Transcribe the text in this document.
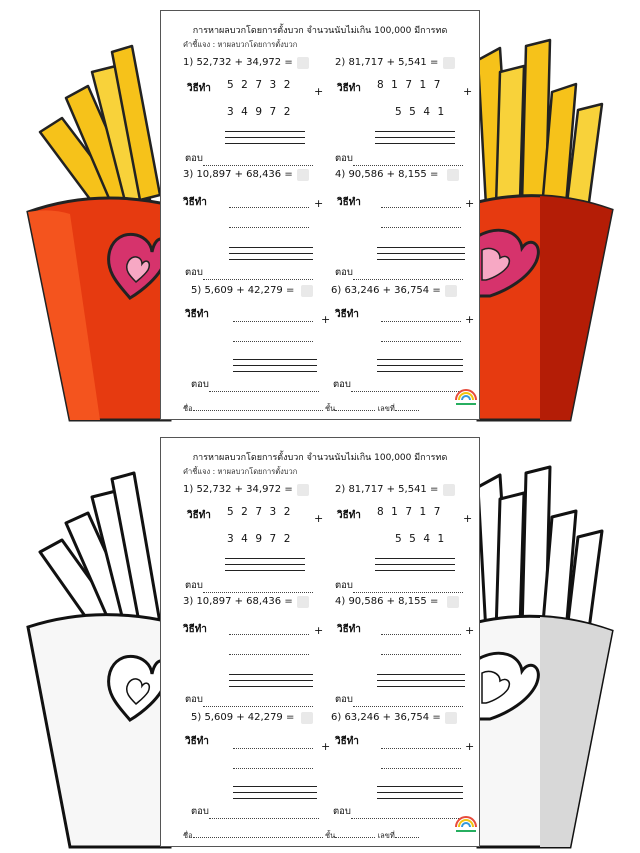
การหาผลบวกโดยการตั้งบวก จำนวนนับไม่เกิน 100,000 มีการทด
คำชี้แจง : หาผลบวกโดยการตั้งบวก
1) 52,732 + 34,972 =
วิธีทำ 52732
34972
+
ตอบ
2) 81,717 + 5,541 =
วิธีทำ 81717
5541
+
ตอบ
3) 10,897 + 68,436 =
วิธีทำ	+
ตอบ
4) 90,586 + 8,155 =
วิธีทำ	+
ตอบ
5) 5,609 + 42,279 =
วิธีทำ	+
ตอบ
6) 63,246 + 36,754 =
วิธีทำ	+
ตอบ
ชื่อ	ชั้น	เลขที่
การหาผลบวกโดยการตั้งบวก จำนวนนับไม่เกิน 100,000 มีการทด
คำชี้แจง : หาผลบวกโดยการตั้งบวก
1) 52,732 + 34,972 =
วิธีทำ 52732
34972
+
ตอบ
2) 81,717 + 5,541 =
วิธีทำ 81717
5541
+
ตอบ
3) 10,897 + 68,436 =
วิธีทำ	+
ตอบ
4) 90,586 + 8,155 =
วิธีทำ	+
ตอบ
5) 5,609 + 42,279 =
วิธีทำ	+
ตอบ
6) 63,246 + 36,754 =
วิธีทำ	+
ตอบ
ชื่อ	ชั้น	เลขที่
